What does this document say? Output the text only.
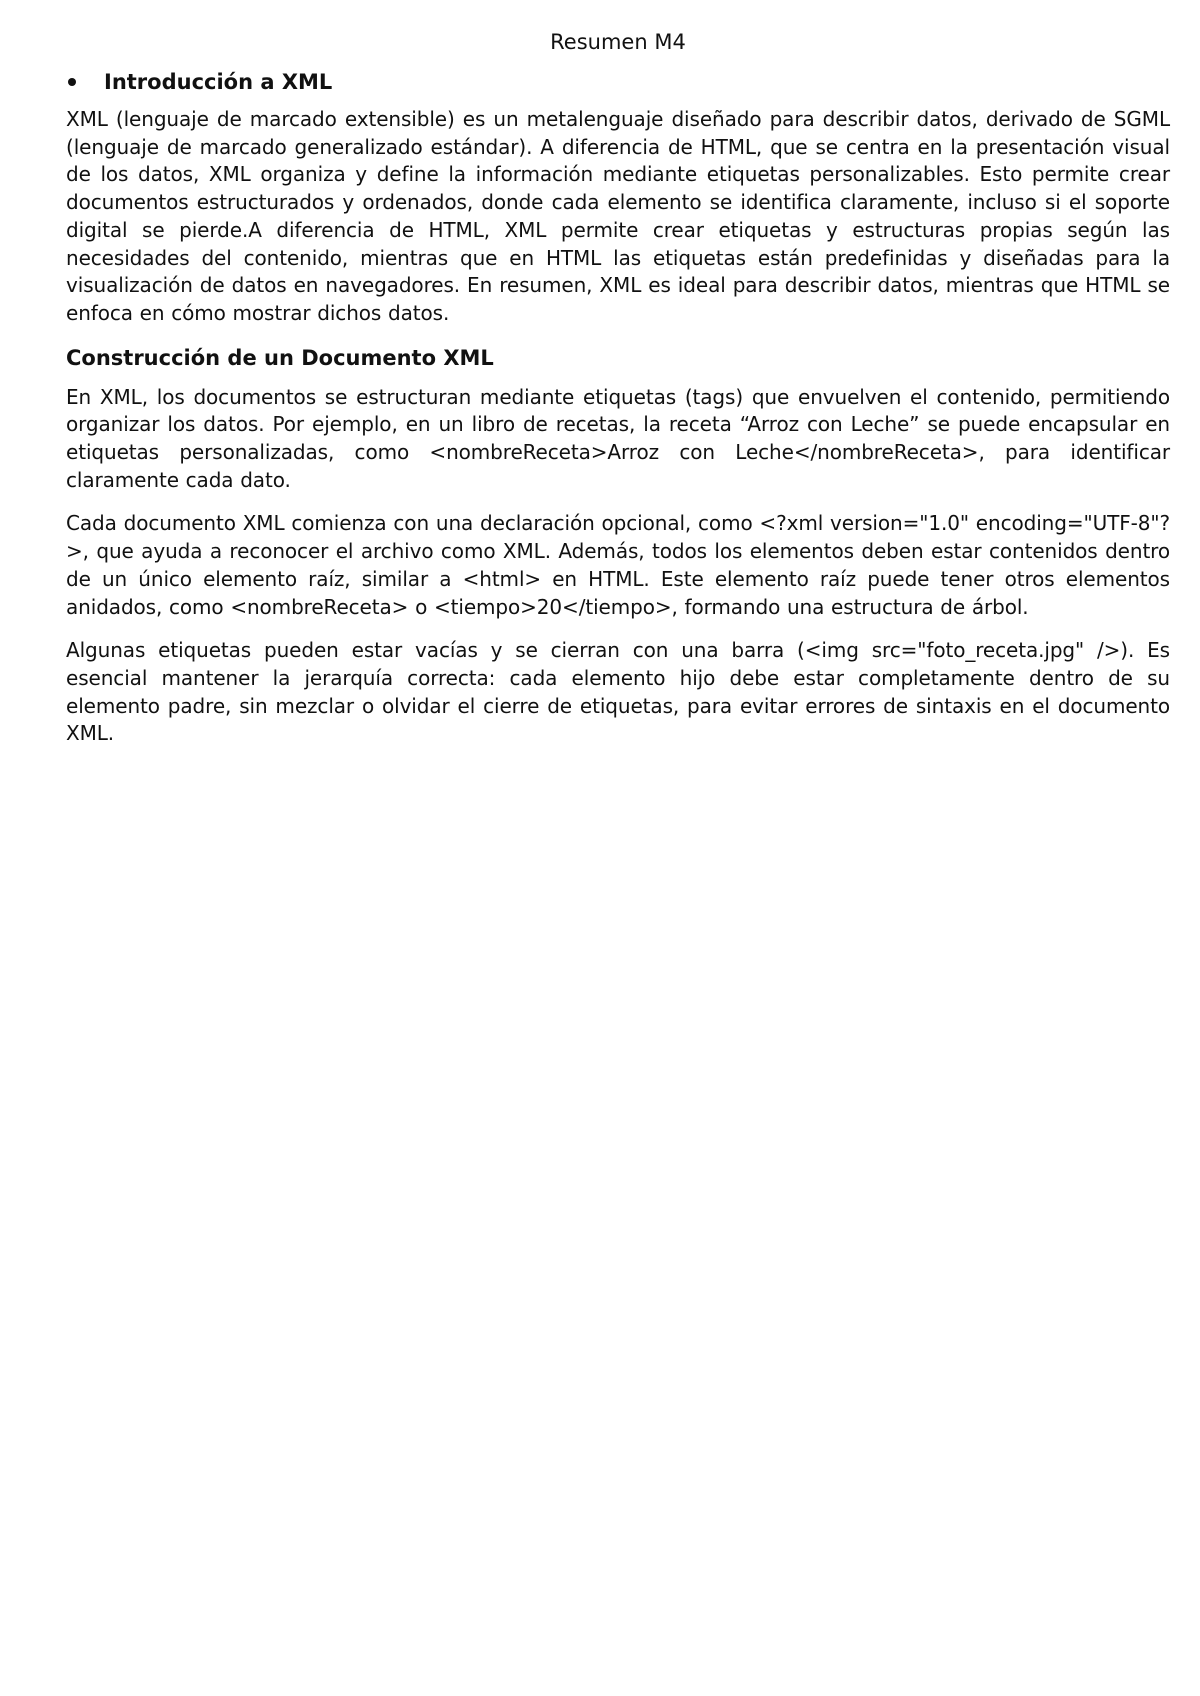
Resumen M4
Introducción a XML

XML (lenguaje de marcado extensible) es un metalenguaje diseñado para describir datos, derivado de SGML (lenguaje de marcado generalizado estándar). A diferencia de HTML, que se centra en la presentación visual de los datos, XML organiza y define la información mediante etiquetas personalizables. Esto permite crear documentos estructurados y ordenados, donde cada elemento se identifica claramente, incluso si el soporte digital se pierde.A diferencia de HTML, XML permite crear etiquetas y estructuras propias según las necesidades del contenido, mientras que en HTML las etiquetas están predefinidas y diseñadas para la visualización de datos en navegadores. En resumen, XML es ideal para describir datos, mientras que HTML se enfoca en cómo mostrar dichos datos.

Construcción de un Documento XML

En XML, los documentos se estructuran mediante etiquetas (tags) que envuelven el contenido, permitiendo organizar los datos. Por ejemplo, en un libro de recetas, la receta “Arroz con Leche” se puede encapsular en etiquetas personalizadas, como <nombreReceta>Arroz con Leche</nombreReceta>, para identificar claramente cada dato.

Cada documento XML comienza con una declaración opcional, como <?xml version="1.0" encoding="UTF-8"?>, que ayuda a reconocer el archivo como XML. Además, todos los elementos deben estar contenidos dentro de un único elemento raíz, similar a <html> en HTML. Este elemento raíz puede tener otros elementos anidados, como <nombreReceta> o <tiempo>20</tiempo>, formando una estructura de árbol.

Algunas etiquetas pueden estar vacías y se cierran con una barra (<img src="foto_receta.jpg" />). Es esencial mantener la jerarquía correcta: cada elemento hijo debe estar completamente dentro de su elemento padre, sin mezclar o olvidar el cierre de etiquetas, para evitar errores de sintaxis en el documento XML.
